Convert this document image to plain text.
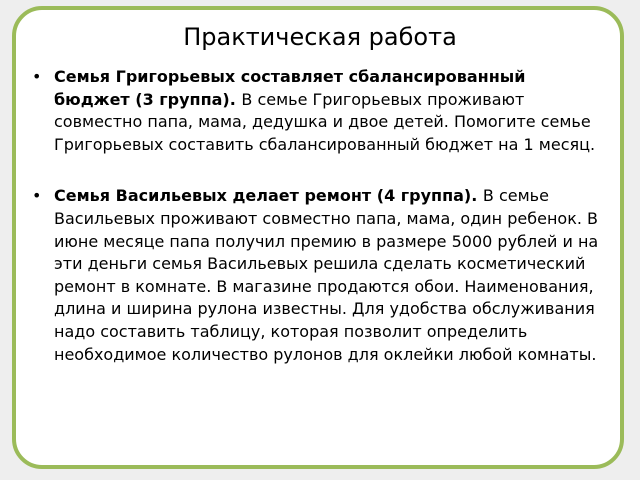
Практическая работа
• Семья Григорьевых составляет сбалансированный бюджет (3 группа). В семье Григорьевых проживают совместно папа, мама, дедушка и двое детей. Помогите семье Григорьевых составить сбалансированный бюджет на 1 месяц.
• Семья Васильевых делает ремонт (4 группа). В семье Васильевых проживают совместно папа, мама, один ребенок. В июне месяце папа получил премию в размере 5000 рублей и на эти деньги семья Васильевых решила сделать косметический ремонт в комнате. В магазине продаются обои. Наименования, длина и ширина рулона известны. Для удобства обслуживания надо составить таблицу, которая позволит определить необходимое количество рулонов для оклейки любой комнаты.
